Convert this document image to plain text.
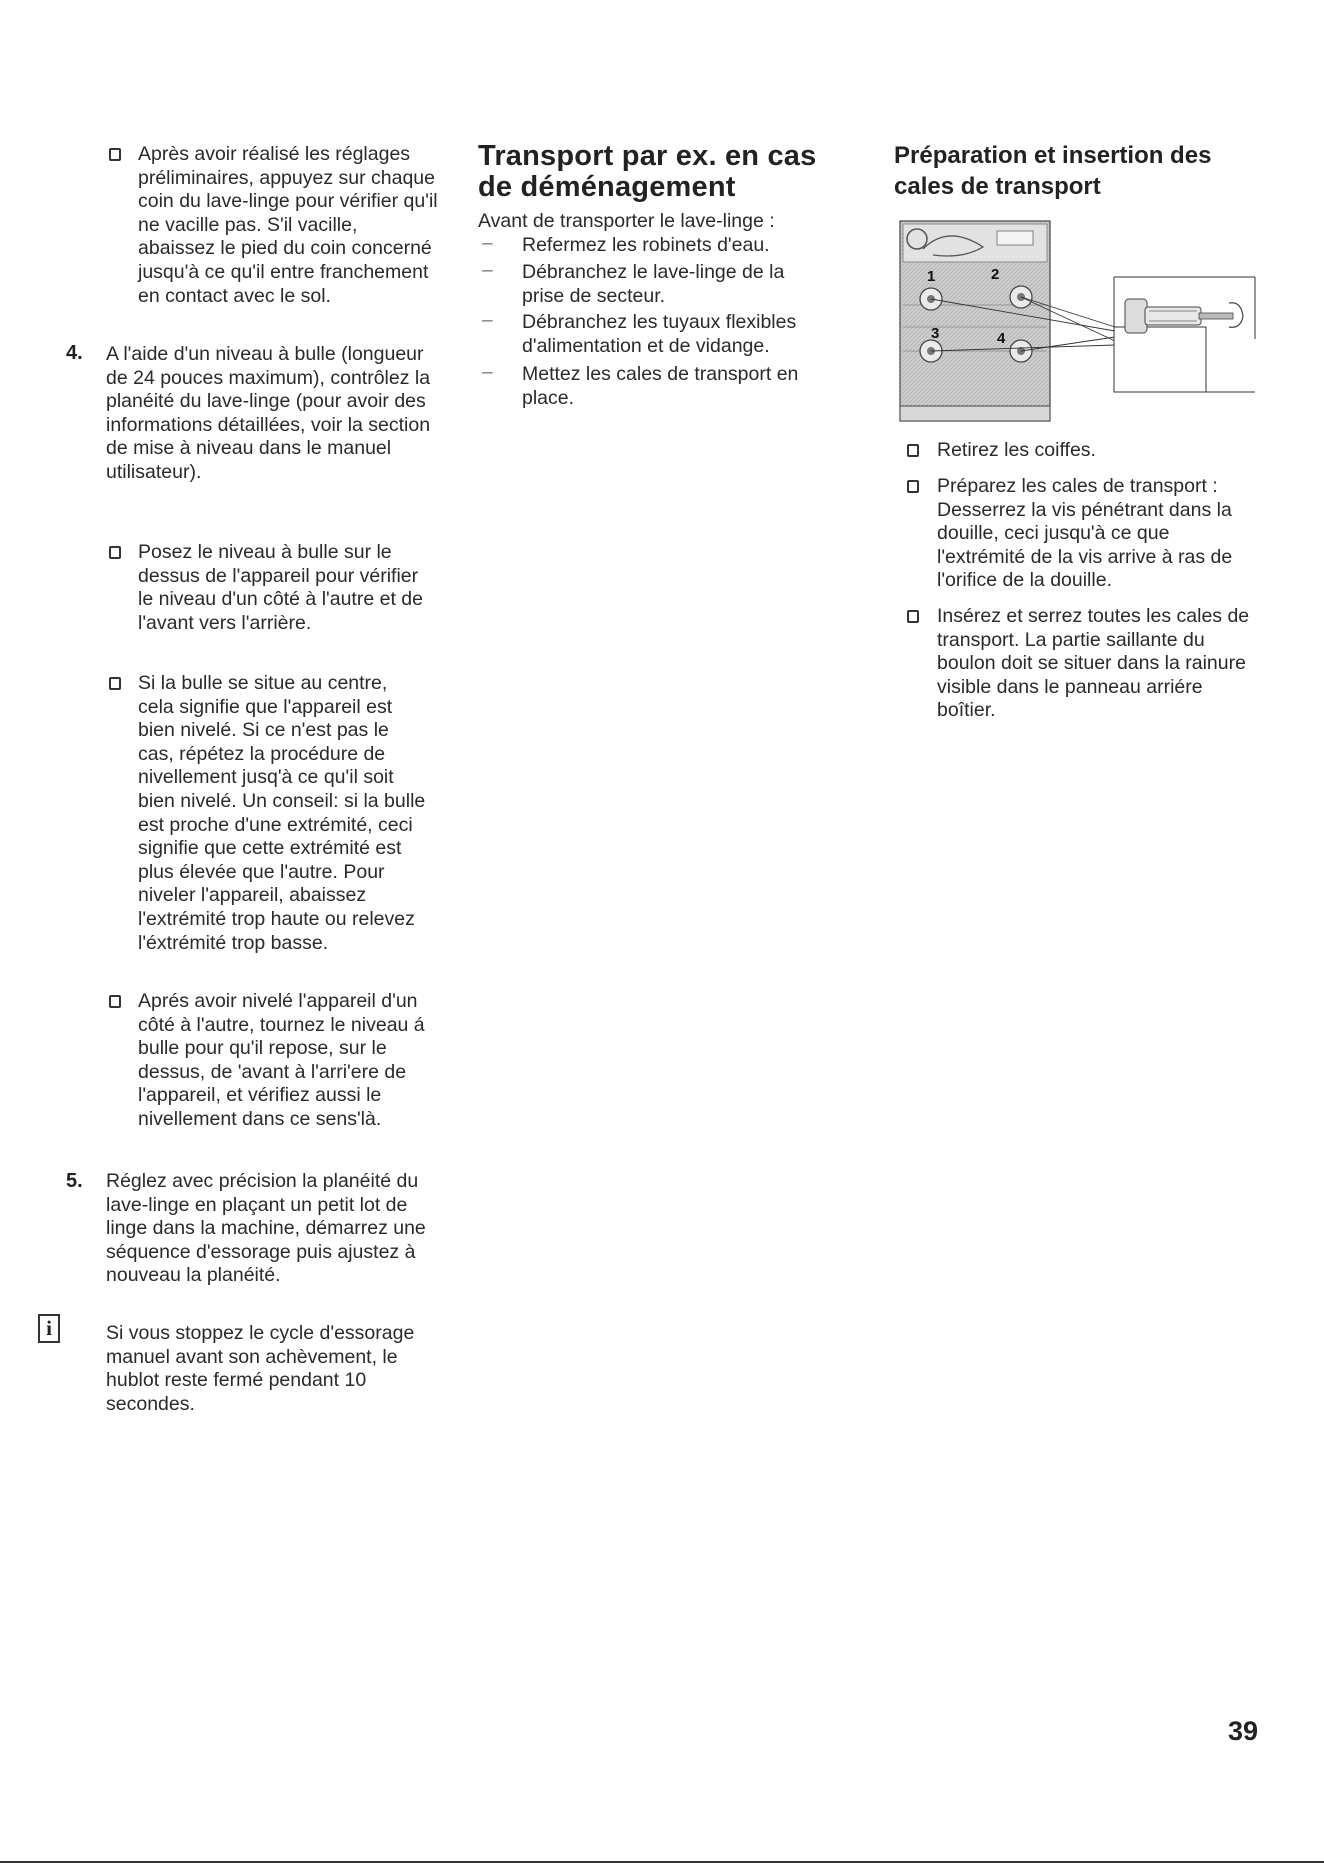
Après avoir réalisé les réglages préliminaires, appuyez sur chaque coin du lave-linge pour vérifier qu'il ne vacille pas. S'il vacille, abaissez le pied du coin concerné jusqu'à ce qu'il entre franchement en contact avec le sol.
4. A l'aide d'un niveau à bulle (longueur de 24 pouces maximum), contrôlez la planéité du lave-linge (pour avoir des informations détaillées, voir la section de mise à niveau dans le manuel utilisateur).
Posez le niveau à bulle sur le dessus de l'appareil pour vérifier le niveau d'un côté à l'autre et de l'avant vers l'arrière.
Si la bulle se situe au centre, cela signifie que l'appareil est bien nivelé. Si ce n'est pas le cas, répétez la procédure de nivellement jusq'à ce qu'il soit bien nivelé. Un conseil: si la bulle est proche d'une extrémité, ceci signifie que cette extrémité est plus élevée que l'autre. Pour niveler l'appareil, abaissez l'extrémité trop haute ou relevez l'éxtrémité trop basse.
Aprés avoir nivelé l'appareil d'un côté à l'autre, tournez le niveau á bulle pour qu'il repose, sur le dessus, de 'avant à l'arri'ere de l'appareil, et vérifiez aussi le nivellement dans ce sens'là.
5. Réglez avec précision la planéité du lave-linge en plaçant un petit lot de linge dans la machine, démarrez une séquence d'essorage puis ajustez à nouveau la planéité.
i	Si vous stoppez le cycle d'essorage manuel avant son achèvement, le hublot reste fermé pendant 10 secondes.
Transport par ex. en cas
de déménagement
Avant de transporter le lave-linge :
– Refermez les robinets d'eau.
– Débranchez le lave-linge de la prise de secteur.
– Débranchez les tuyaux flexibles d'alimentation et de vidange.
– Mettez les cales de transport en place.
Préparation et insertion des
cales de transport
1	2
3	4
Retirez les coiffes.
Préparez les cales de transport : Desserrez la vis pénétrant dans la douille, ceci jusqu'à ce que l'extrémité de la vis arrive à ras de l'orifice de la douille.
Insérez et serrez toutes les cales de transport. La partie saillante du boulon doit se situer dans la rainure visible dans le panneau arriére boîtier.
39
